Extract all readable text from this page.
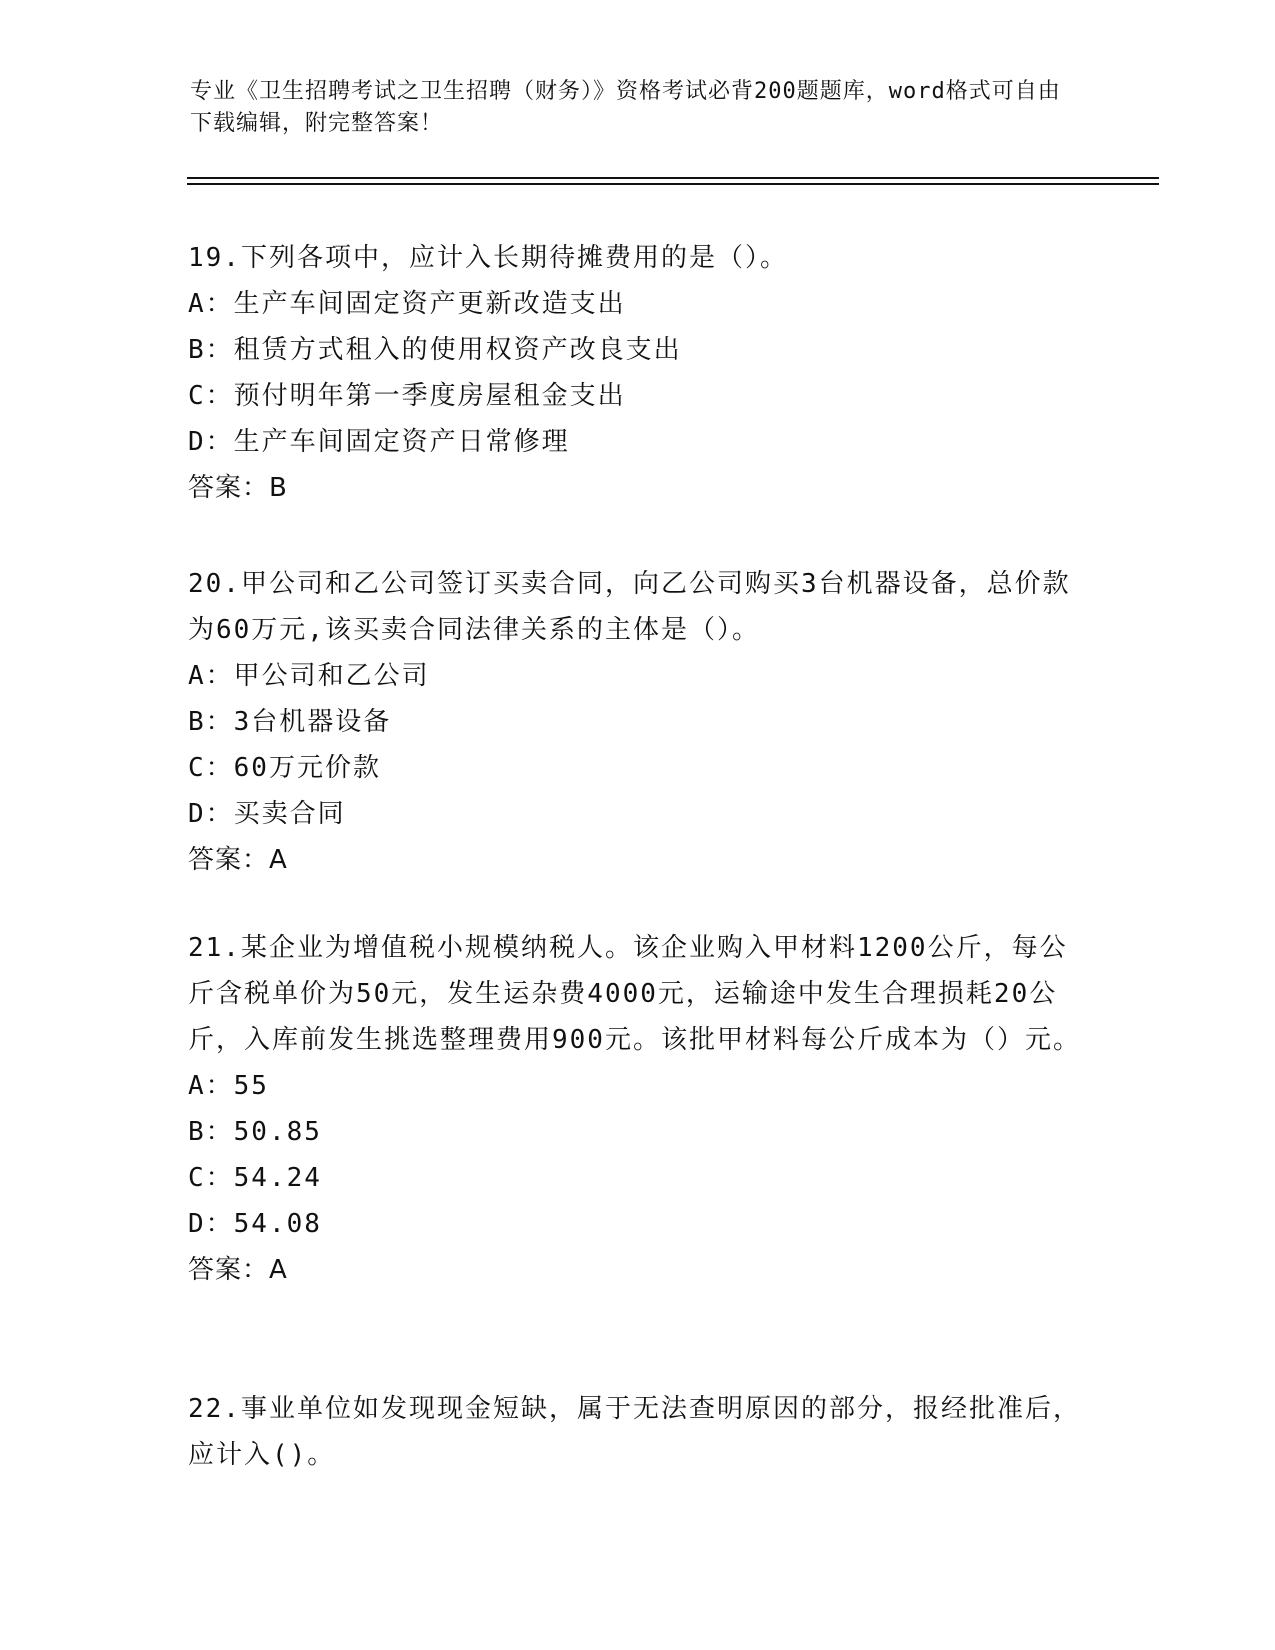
专业《卫生招聘考试之卫生招聘（财务）》资格考试必背200题题库，word格式可自由下载编辑，附完整答案！
19.下列各项中，应计入长期待摊费用的是（）。
A：生产车间固定资产更新改造支出
B：租赁方式租入的使用权资产改良支出
C：预付明年第一季度房屋租金支出
D：生产车间固定资产日常修理
答案：B
20.甲公司和乙公司签订买卖合同，向乙公司购买3台机器设备，总价款为60万元,该买卖合同法律关系的主体是（）。
A：甲公司和乙公司
B：3台机器设备
C：60万元价款
D：买卖合同
答案：A
21.某企业为增值税小规模纳税人。该企业购入甲材料1200公斤，每公斤含税单价为50元，发生运杂费4000元，运输途中发生合理损耗20公斤，入库前发生挑选整理费用900元。该批甲材料每公斤成本为（）元。
A：55
B：50.85
C：54.24
D：54.08
答案：A
22.事业单位如发现现金短缺，属于无法查明原因的部分，报经批准后，应计入()。
